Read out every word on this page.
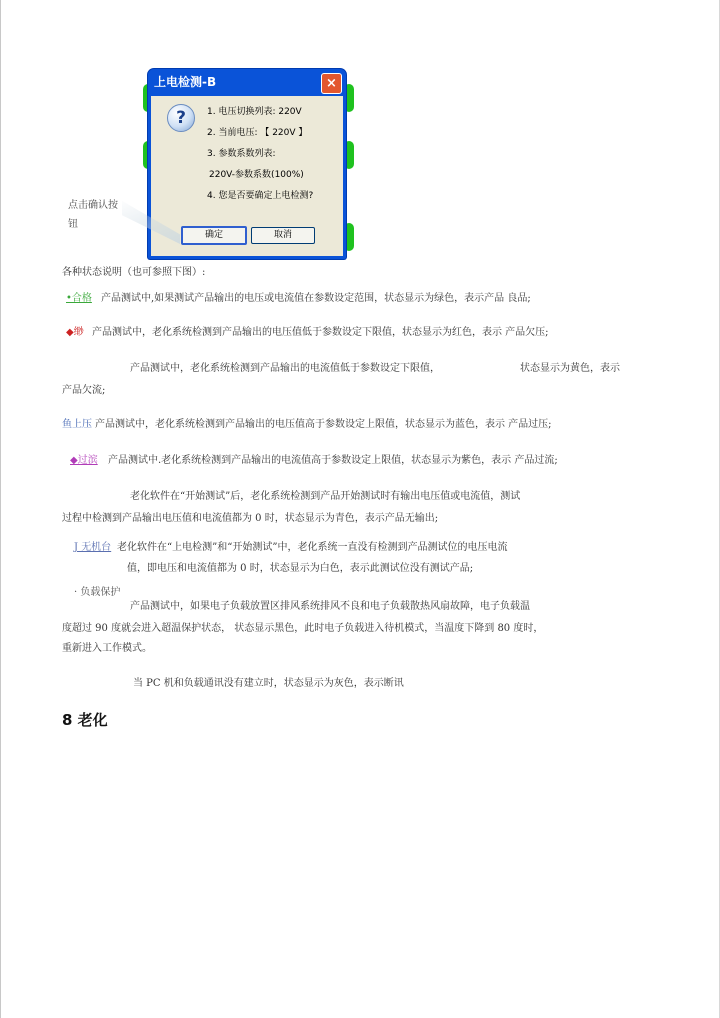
上电检测-B	×
?	1. 电压切换列表: 220V
2. 当前电压: 【 220V 】
3. 参数系数列表:
220V-参数系数(100%)
4. 您是否要确定上电检测?
确定	取消
点击确认按
钮
各种状态说明（也可参照下图）:
•合格 产品测试中,如果测试产品输出的电压或电流值在参数设定范围，状态显示为绿色，表示产品 良品;
◆缈 产品测试中，老化系统检测到产品输出的电压值低于参数设定下限值，状态显示为红色，表示 产品欠压;
产品测试中，老化系统检测到产品输出的电流值低于参数设定下限值，	状态显示为黄色，表示
产品欠流;
鱼上压 产品测试中，老化系统检测到产品输出的电压值高于参数设定上限值，状态显示为蓝色，表示 产品过压;
◆过滨 产品测试中.老化系统检测到产品输出的电流值高于参数设定上限值，状态显示为紫色，表示 产品过流;
老化软件在“开始测试”后，老化系统检测到产品开始测试时有输出电压值或电流值，测试
过程中检测到产品输出电压值和电流值都为 0 时，状态显示为青色，表示产品无输出;
J 无机台 老化软件在“上电检测”和“开始测试”中，老化系统一直没有检测到产品测试位的电压电流
值，即电压和电流值都为 0 时，状态显示为白色，表示此测试位没有测试产品;
· 负载保护
产品测试中，如果电子负载放置区排风系统排风不良和电子负载散热风扇故障，电子负载温
度超过 90 度就会进入超温保护状态， 状态显示黑色，此时电子负载进入待机模式，当温度下降到 80 度时，
重新进入工作模式。
当 PC 机和负载通讯没有建立时，状态显示为灰色，表示断讯
8 老化
